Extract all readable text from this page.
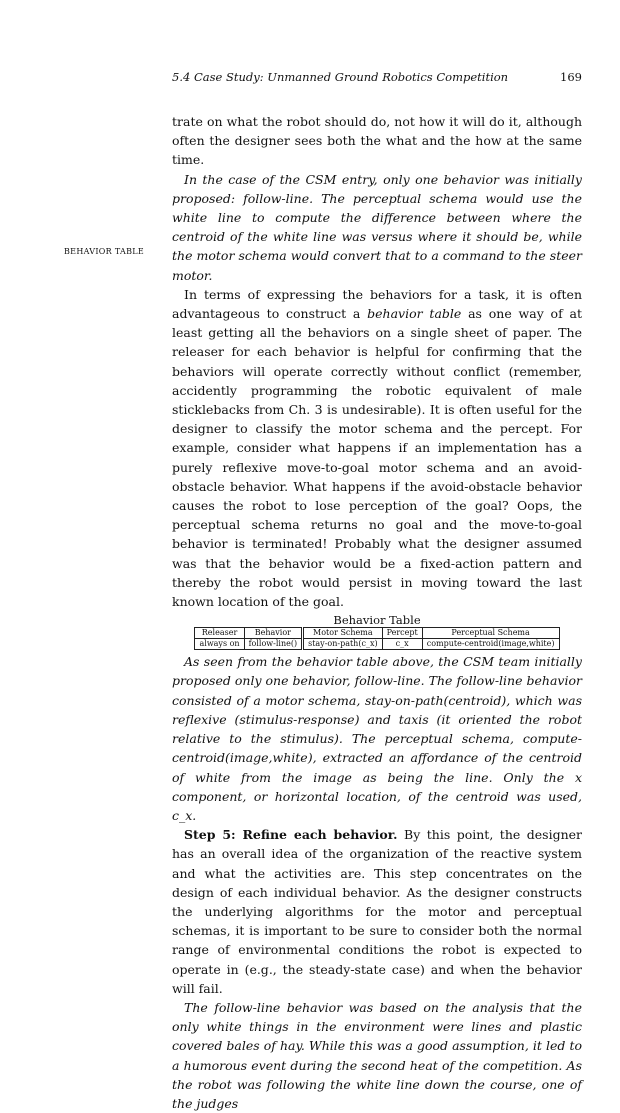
5.4 Case Study: Unmanned Ground Robotics Competition	169
BEHAVIOR TABLE

trate on what the robot should do, not how it will do it, although often the designer sees both the what and the how at the same time.

In the case of the CSM entry, only one behavior was initially proposed: follow-line. The perceptual schema would use the white line to compute the difference between where the centroid of the white line was versus where it should be, while the motor schema would convert that to a command to the steer motor.

In terms of expressing the behaviors for a task, it is often advantageous to construct a behavior table as one way of at least getting all the behaviors on a single sheet of paper. The releaser for each behavior is helpful for confirming that the behaviors will operate correctly without conflict (remember, accidently programming the robotic equivalent of male sticklebacks from Ch. 3 is undesirable). It is often useful for the designer to classify the motor schema and the percept. For example, consider what happens if an implementation has a purely reflexive move-to-goal motor schema and an avoid-obstacle behavior. What happens if the avoid-obstacle behavior causes the robot to lose perception of the goal? Oops, the perceptual schema returns no goal and the move-to-goal behavior is terminated! Probably what the designer assumed was that the behavior would be a fixed-action pattern and thereby the robot would persist in moving toward the last known location of the goal.

Behavior Table
Releaser	Behavior	Motor Schema	Percept	Perceptual Schema
always on	follow-line()	stay-on-path(c_x)	c_x	compute-centroid(image,white)

As seen from the behavior table above, the CSM team initially proposed only one behavior, follow-line. The follow-line behavior consisted of a motor schema, stay-on-path(centroid), which was reflexive (stimulus-response) and taxis (it oriented the robot relative to the stimulus). The perceptual schema, compute-centroid(image,white), extracted an affordance of the centroid of white from the image as being the line. Only the x component, or horizontal location, of the centroid was used, c_x.

Step 5: Refine each behavior. By this point, the designer has an overall idea of the organization of the reactive system and what the activities are. This step concentrates on the design of each individual behavior. As the designer constructs the underlying algorithms for the motor and perceptual schemas, it is important to be sure to consider both the normal range of environmental conditions the robot is expected to operate in (e.g., the steady-state case) and when the behavior will fail.

The follow-line behavior was based on the analysis that the only white things in the environment were lines and plastic covered bales of hay. While this was a good assumption, it led to a humorous event during the second heat of the competition. As the robot was following the white line down the course, one of the judges
